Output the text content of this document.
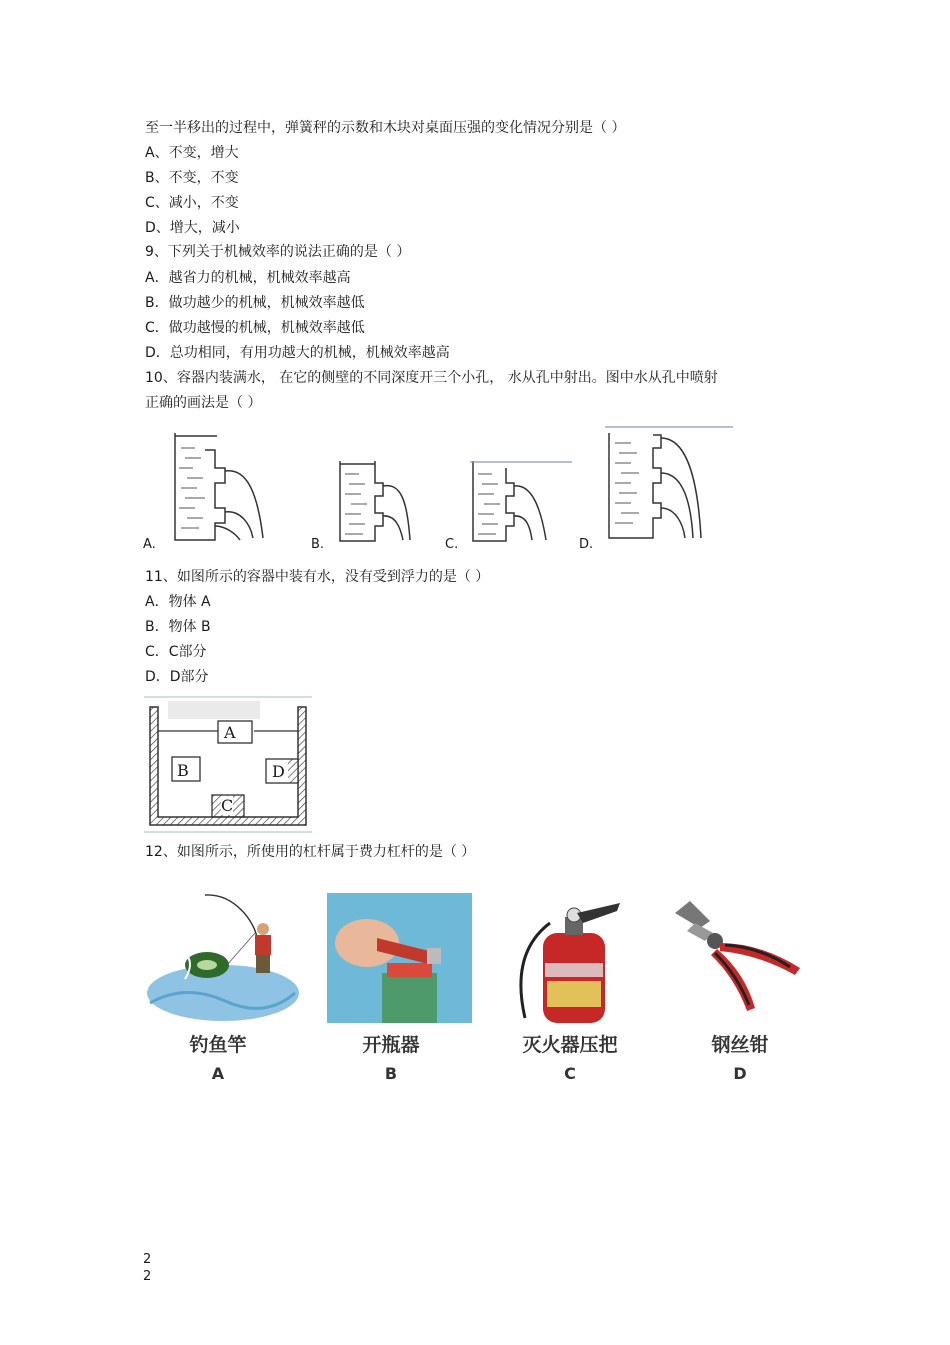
至一半移出的过程中，弹簧秤的示数和木块对桌面压强的变化情况分别是（ ）
A、不变，增大
B、不变，不变
C、减小，不变
D、增大，减小
9、下列关于机械效率的说法正确的是（ ）
A．越省力的机械，机械效率越高
B．做功越少的机械，机械效率越低
C．做功越慢的机械，机械效率越低
D．总功相同，有用功越大的机械，机械效率越高
10、容器内装满水， 在它的侧壁的不同深度开三个小孔， 水从孔中射出。图中水从孔中喷射
正确的画法是（ ）
A.	B.	C.	D.
11、如图所示的容器中装有水，没有受到浮力的是（ ）
A．物体 A
B．物体 B
C．C部分
D．D部分
A
B
C
D
12、如图所示，所使用的杠杆属于费力杠杆的是（ ）
钓鱼竿
A
开瓶器
B
灭火器压把
C
钢丝钳
D
2
2
